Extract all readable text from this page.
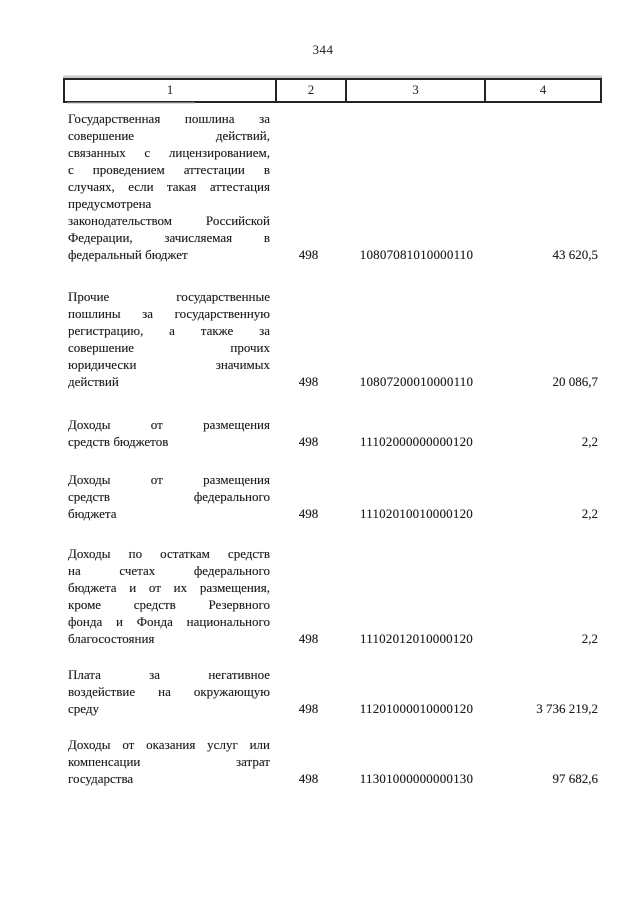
344
1	2	3	4
Государственная пошлина за
совершение действий,
связанных с лицензированием,
с проведением аттестации в
случаях, если такая аттестация
предусмотрена
законодательством Российской
Федерации, зачисляемая в
федеральный бюджет	498	10807081010000110	43 620,5
Прочие государственные
пошлины за государственную
регистрацию, а также за
совершение прочих
юридически значимых
действий	498	10807200010000110	20 086,7
Доходы от размещения
средств бюджетов	498	11102000000000120	2,2
Доходы от размещения
средств федерального
бюджета	498	11102010010000120	2,2
Доходы по остаткам средств
на счетах федерального
бюджета и от их размещения,
кроме средств Резервного
фонда и Фонда национального
благосостояния	498	11102012010000120	2,2
Плата за негативное
воздействие на окружающую
среду	498	11201000010000120	3 736 219,2
Доходы от оказания услуг или
компенсации затрат
государства	498	11301000000000130	97 682,6
